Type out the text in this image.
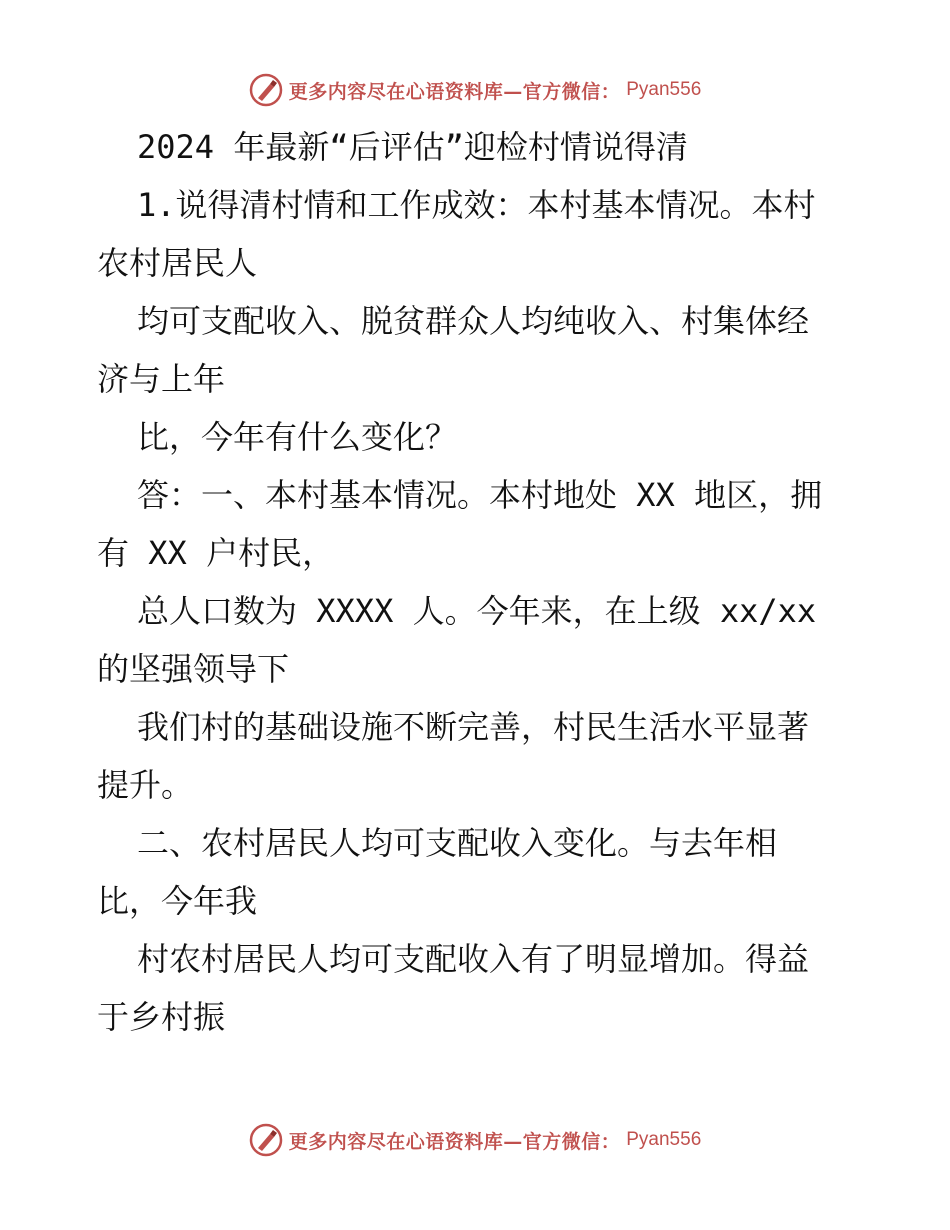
更多内容尽在心语资料库—官方微信： Pyan556
2024 年最新“后评估”迎检村情说得清
1.说得清村情和工作成效：本村基本情况。本村
农村居民人
均可支配收入、脱贫群众人均纯收入、村集体经
济与上年
比，今年有什么变化？
答：一、本村基本情况。本村地处 XX 地区，拥
有 XX 户村民，
总人口数为 XXXX 人。今年来，在上级 xx/xx
的坚强领导下
我们村的基础设施不断完善，村民生活水平显著
提升。
二、农村居民人均可支配收入变化。与去年相
比，今年我
村农村居民人均可支配收入有了明显增加。得益
于乡村振
更多内容尽在心语资料库—官方微信： Pyan556
